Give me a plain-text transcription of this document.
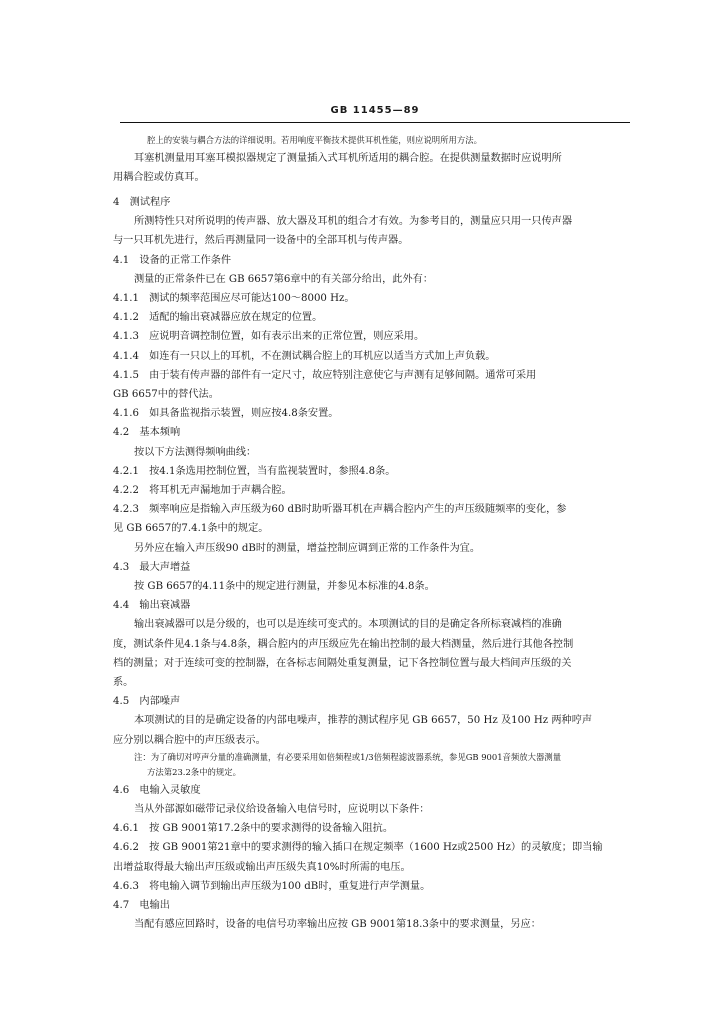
GB 11455—89

腔上的安装与耦合方法的详细说明。若用响度平衡技术提供耳机性能，则应说明所用方法。

耳塞机测量用耳塞耳模拟器规定了测量插入式耳机所适用的耦合腔。在提供测量数据时应说明所

用耦合腔或仿真耳。

4　测试程序

所测特性只对所说明的传声器、放大器及耳机的组合才有效。为参考目的，测量应只用一只传声器

与一只耳机先进行，然后再测量同一设备中的全部耳机与传声器。

4.1　设备的正常工作条件

测量的正常条件已在 GB 6657第6章中的有关部分给出，此外有：

4.1.1　测试的频率范围应尽可能达100～8000 Hz。

4.1.2　适配的输出衰减器应放在规定的位置。

4.1.3　应说明音调控制位置，如有表示出来的正常位置，则应采用。

4.1.4　如连有一只以上的耳机，不在测试耦合腔上的耳机应以适当方式加上声负载。

4.1.5　由于装有传声器的部件有一定尺寸，故应特别注意使它与声测有足够间隔。通常可采用

GB 6657中的替代法。

4.1.6　如具备监视指示装置，则应按4.8条安置。

4.2　基本频响

按以下方法测得频响曲线：

4.2.1　按4.1条选用控制位置，当有监视装置时，参照4.8条。

4.2.2　将耳机无声漏地加于声耦合腔。

4.2.3　频率响应是指输入声压级为60 dB时助听器耳机在声耦合腔内产生的声压级随频率的变化，参

见 GB 6657的7.4.1条中的规定。

另外应在输入声压级90 dB时的测量，增益控制应调到正常的工作条件为宜。

4.3　最大声增益

按 GB 6657的4.11条中的规定进行测量，并参见本标准的4.8条。

4.4　输出衰减器

输出衰减器可以是分级的，也可以是连续可变式的。本项测试的目的是确定各所标衰减档的准确

度，测试条件见4.1条与4.8条，耦合腔内的声压级应先在输出控制的最大档测量，然后进行其他各控制

档的测量；对于连续可变的控制器，在各标志间隔处重复测量，记下各控制位置与最大档间声压级的关

系。

4.5　内部噪声

本项测试的目的是确定设备的内部电噪声，推荐的测试程序见 GB 6657，50 Hz 及100 Hz 两种哼声

应分别以耦合腔中的声压级表示。

注：为了确切对哼声分量的准确测量，有必要采用如倍频程或1/3倍频程滤波器系统，参见GB 9001音频放大器测量

方法第23.2条中的规定。

4.6　电输入灵敏度

当从外部源如磁带记录仪给设备输入电信号时，应说明以下条件：

4.6.1　按 GB 9001第17.2条中的要求测得的设备输入阻抗。

4.6.2　按 GB 9001第21章中的要求测得的输入插口在规定频率（1600 Hz或2500 Hz）的灵敏度；即当输

出增益取得最大输出声压级或输出声压级失真10%时所需的电压。

4.6.3　将电输入调节到输出声压级为100 dB时，重复进行声学测量。

4.7　电输出

当配有感应回路时，设备的电信号功率输出应按 GB 9001第18.3条中的要求测量，另应：
